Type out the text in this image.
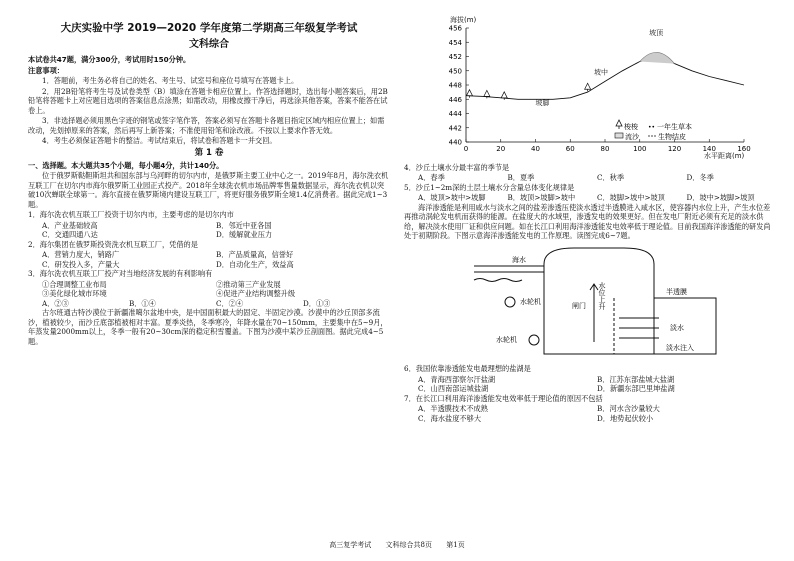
大庆实验中学 2019—2020 学年度第二学期高三年级复学考试
文科综合

本试卷共47题，满分300分，考试用时150分钟。

注意事项：

1．答题前，考生务必将自己的姓名、考生号、试室号和座位号填写在答题卡上。

2．用2B铅笔将考生号及试卷类型（B）填涂在答题卡相应位置上。作答选择题时，选出每小题答案后，用2B铅笔将答题卡上对应题目选项的答案信息点涂黑；如需改动，用橡皮擦干净后，再选涂其他答案，答案不能答在试卷上。

3．非选择题必须用黑色字迹的钢笔或签字笔作答，答案必须写在答题卡各题目指定区域内相应位置上；如需改动，先划掉原来的答案，然后再写上新答案；不准使用铅笔和涂改液。不按以上要求作答无效。

4．考生必须保证答题卡的整洁。考试结束后，将试卷和答题卡一并交回。

第 1 卷

一、选择题。本大题共35个小题，每小题4分，共计140分。

位于俄罗斯鞑靼斯坦共和国东部与乌河畔的切尔内市，是俄罗斯主要工业中心之一。2019年8月，海尔洗衣机互联工厂在切尔内市海尔俄罗斯工业园正式投产。2018年全球洗衣机市场品牌零售量数据显示，海尔洗衣机以突破10次蝉联全球第一。海尔直接在俄罗斯境内建设互联工厂，将更好服务俄罗斯全境1.4亿消费者。据此完成1~3题。

1．海尔洗衣机互联工厂投资于切尔内市，主要考虑的是切尔内市

A．产业基础较高	B．邻近中亚各国
C．交通四通八达	D．缓解就业压力

2．海尔集团在俄罗斯投资洗衣机互联工厂，凭借的是

A．营销力度大，销路广	B．产品质量高，信誉好
C．研发投入多，产量大	D．自动化生产，效益高

3．海尔洗衣机互联工厂投产对当地经济发展的有利影响有

①合理调整工业布局	②推动第三产业发展
③美化绿化城市环境	④促进产业结构调整升级
A．②③	B．①④	C．②④	D．①③

古尔班通古特沙漠位于新疆准噶尔盆地中央，是中国面积最大的固定、半固定沙漠。沙漠中的沙丘顶部多流沙，植被较少，而沙丘底部植被相对丰富。夏季炎热，冬季寒冷，年降水量在70~150mm，主要集中在5~9月，年蒸发量2000mm以上，冬季一般有20~30cm深的稳定积雪覆盖。下图为沙漠中某沙丘剖面图。据此完成4~5题。

海拔(m)
440
442
444
446
448
450
452
454
456
0	20	40	60	80	100	120	140	160
坡顶
坡中
坡脚
水平距离(m)
梭梭 •• 一年生草本
流沙	生物结皮

4．沙丘土壤水分最丰富的季节是

A．春季	B．夏季	C．秋季	D．冬季

5．沙丘1~2m深的土层土壤水分含量总体变化规律是

A．坡顶>坡中>坡脚	B．坡顶>坡脚>坡中	C．坡脚>坡中>坡顶	D．坡中>坡脚>坡顶

海洋渗透能是利用咸水与淡水之间的盐差渗透压使淡水透过半透膜进入咸水区，使容器内水位上升，产生水位差再推动涡轮发电机而获得的能源。在盐度大的水域里，渗透发电的效果更好。但在发电厂附近必须有充足的淡水供给，解决淡水使用厂证和供应问题。如在长江口利用海洋渗透能发电效率低于理论值。目前我国海洋渗透能的研发尚处于初期阶段。下图示意海洋渗透能发电的工作原理。读图完成6~7题。

海水
水轮机	闸门 水位上升	半透膜
淡水
水轮机
淡水注入

6．我国依靠渗透能发电最理想的盐湖是

A．青海西部察尔汗盐湖	B．江苏东部盐城大盐湖
C．山西南部运城盐湖	D．新疆东部巴里坤盐湖

7．在长江口利用海洋渗透能发电效率低于理论值的原因不包括

A．半透膜技术不成熟	B．河水含沙量较大
C．海水盐度不够大	D．地势起伏较小
高三复学考试 文科综合共8页 第1页
